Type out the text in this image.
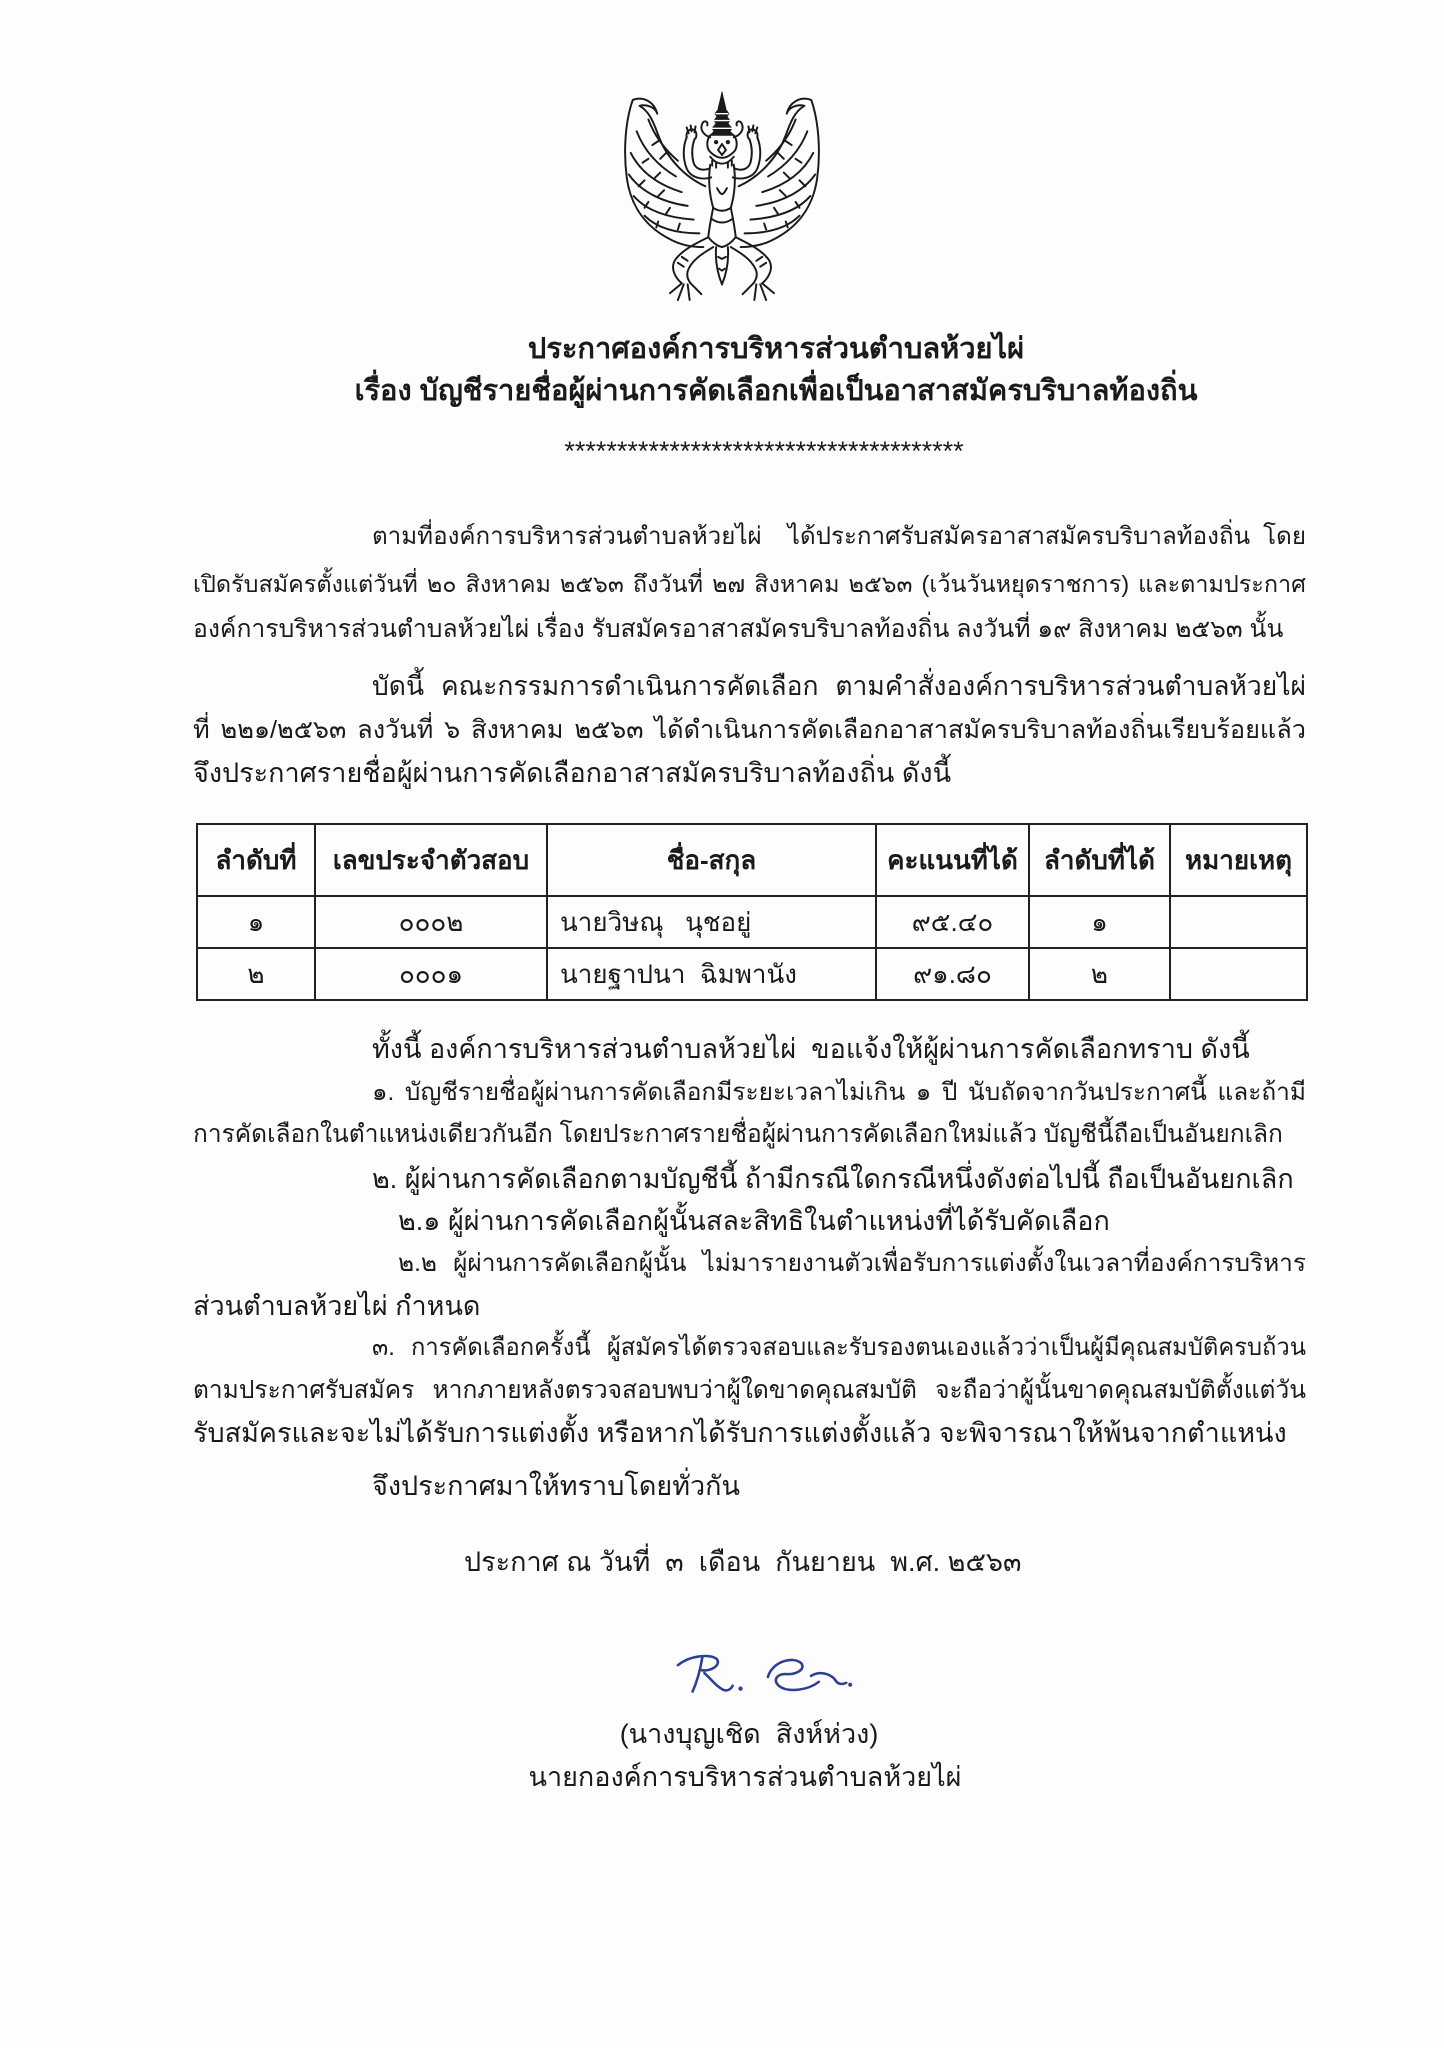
ประกาศองค์การบริหารส่วนตำบลห้วยไผ่
เรื่อง บัญชีรายชื่อผู้ผ่านการคัดเลือกเพื่อเป็นอาสาสมัครบริบาลท้องถิ่น
**************************************
ตามที่องค์การบริหารส่วนตำบลห้วยไผ่  ได้ประกาศรับสมัครอาสาสมัครบริบาลท้องถิ่น โดย
เปิดรับสมัครตั้งแต่วันที่ ๒๐ สิงหาคม ๒๕๖๓ ถึงวันที่ ๒๗ สิงหาคม ๒๕๖๓ (เว้นวันหยุดราชการ) และตามประกาศ
องค์การบริหารส่วนตำบลห้วยไผ่ เรื่อง รับสมัครอาสาสมัครบริบาลท้องถิ่น ลงวันที่ ๑๙ สิงหาคม ๒๕๖๓ นั้น
บัดนี้ คณะกรรมการดำเนินการคัดเลือก ตามคำสั่งองค์การบริหารส่วนตำบลห้วยไผ่
ที่ ๒๒๑/๒๕๖๓ ลงวันที่ ๖ สิงหาคม ๒๕๖๓ ได้ดำเนินการคัดเลือกอาสาสมัครบริบาลท้องถิ่นเรียบร้อยแล้ว
จึงประกาศรายชื่อผู้ผ่านการคัดเลือกอาสาสมัครบริบาลท้องถิ่น ดังนี้
ลำดับที่	เลขประจำตัวสอบ	ชื่อ-สกุล	คะแนนที่ได้	ลำดับที่ได้	หมายเหตุ
๑	๐๐๐๒	นายวิษณุ   นุชอยู่	๙๕.๔๐	๑	
๒	๐๐๐๑	นายฐาปนา  ฉิมพานัง	๙๑.๘๐	๒	
ทั้งนี้ องค์การบริหารส่วนตำบลห้วยไผ่  ขอแจ้งให้ผู้ผ่านการคัดเลือกทราบ ดังนี้
๑. บัญชีรายชื่อผู้ผ่านการคัดเลือกมีระยะเวลาไม่เกิน ๑ ปี นับถัดจากวันประกาศนี้ และถ้ามี
การคัดเลือกในตำแหน่งเดียวกันอีก โดยประกาศรายชื่อผู้ผ่านการคัดเลือกใหม่แล้ว บัญชีนี้ถือเป็นอันยกเลิก
๒. ผู้ผ่านการคัดเลือกตามบัญชีนี้ ถ้ามีกรณีใดกรณีหนึ่งดังต่อไปนี้ ถือเป็นอันยกเลิก
๒.๑ ผู้ผ่านการคัดเลือกผู้นั้นสละสิทธิในตำแหน่งที่ได้รับคัดเลือก
๒.๒ ผู้ผ่านการคัดเลือกผู้นั้น ไม่มารายงานตัวเพื่อรับการแต่งตั้งในเวลาที่องค์การบริหาร
ส่วนตำบลห้วยไผ่ กำหนด
๓. การคัดเลือกครั้งนี้ ผู้สมัครได้ตรวจสอบและรับรองตนเองแล้วว่าเป็นผู้มีคุณสมบัติครบถ้วน
ตามประกาศรับสมัคร หากภายหลังตรวจสอบพบว่าผู้ใดขาดคุณสมบัติ จะถือว่าผู้นั้นขาดคุณสมบัติตั้งแต่วัน
รับสมัครและจะไม่ได้รับการแต่งตั้ง หรือหากได้รับการแต่งตั้งแล้ว จะพิจารณาให้พ้นจากตำแหน่ง
จึงประกาศมาให้ทราบโดยทั่วกัน
ประกาศ ณ วันที่  ๓  เดือน  กันยายน  พ.ศ. ๒๕๖๓
(นางบุญเชิด  สิงห์ห่วง)
นายกองค์การบริหารส่วนตำบลห้วยไผ่
